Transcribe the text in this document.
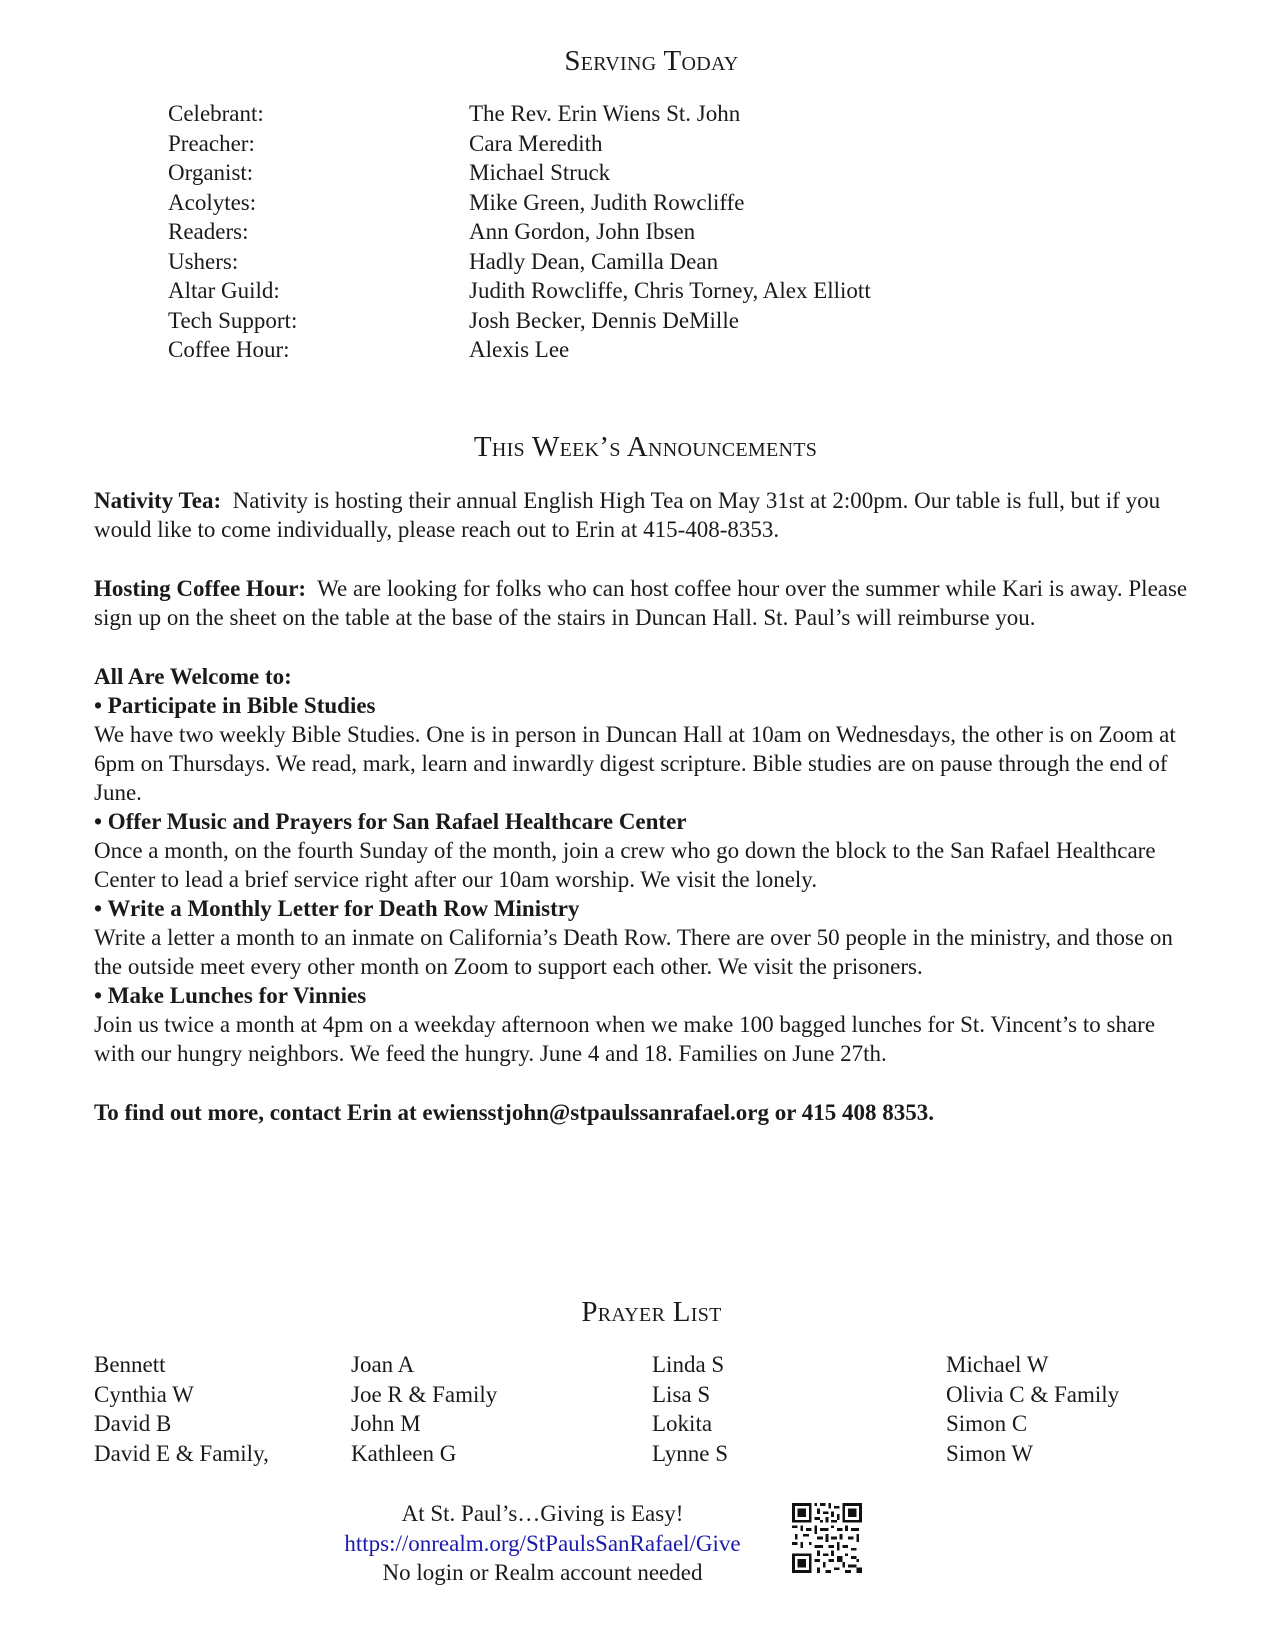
Serving Today
Celebrant:	The Rev. Erin Wiens St. John
Preacher:	Cara Meredith
Organist:	Michael Struck
Acolytes:	Mike Green, Judith Rowcliffe
Readers:	Ann Gordon, John Ibsen
Ushers:	Hadly Dean, Camilla Dean
Altar Guild:	Judith Rowcliffe, Chris Torney, Alex Elliott
Tech Support:	Josh Becker, Dennis DeMille
Coffee Hour:	Alexis Lee
This Week’s Announcements

Nativity Tea: Nativity is hosting their annual English High Tea on May 31st at 2:00pm. Our table is full, but if you would like to come individually, please reach out to Erin at 415-408-8353.

Hosting Coffee Hour: We are looking for folks who can host coffee hour over the summer while Kari is away. Please sign up on the sheet on the table at the base of the stairs in Duncan Hall. St. Paul’s will reimburse you.

All Are Welcome to:

• Participate in Bible Studies

We have two weekly Bible Studies. One is in person in Duncan Hall at 10am on Wednesdays, the other is on Zoom at 6pm on Thursdays. We read, mark, learn and inwardly digest scripture. Bible studies are on pause through the end of June.

• Offer Music and Prayers for San Rafael Healthcare Center

Once a month, on the fourth Sunday of the month, join a crew who go down the block to the San Rafael Healthcare Center to lead a brief service right after our 10am worship. We visit the lonely.

• Write a Monthly Letter for Death Row Ministry

Write a letter a month to an inmate on California’s Death Row. There are over 50 people in the ministry, and those on the outside meet every other month on Zoom to support each other. We visit the prisoners.

• Make Lunches for Vinnies

Join us twice a month at 4pm on a weekday afternoon when we make 100 bagged lunches for St. Vincent’s to share with our hungry neighbors. We feed the hungry. June 4 and 18. Families on June 27th.

To find out more, contact Erin at ewiensstjohn@stpaulssanrafael.org or 415 408 8353.

Prayer List
Bennett
Cynthia W
David B
David E & Family,
Joan A
Joe R & Family
John M
Kathleen G
Linda S
Lisa S
Lokita
Lynne S
Michael W
Olivia C & Family
Simon C
Simon W
At St. Paul’s…Giving is Easy!
https://onrealm.org/StPaulsSanRafael/Give
No login or Realm account needed
